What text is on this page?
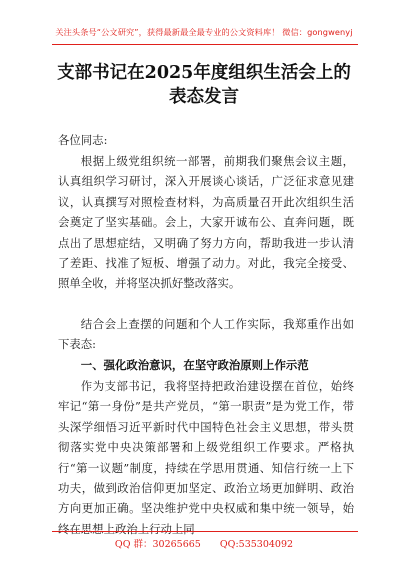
关注头条号“公文研究”，获得最新最全最专业的公文资料库！ 微信：gongwenyj
支部书记在2025年度组织生活会上的表态发言
各位同志:

根据上级党组织统一部署，前期我们聚焦会议主题，认真组织学习研讨，深入开展谈心谈话，广泛征求意见建议，认真撰写对照检查材料，为高质量召开此次组织生活会奠定了坚实基础。会上，大家开诚布公、直奔问题，既点出了思想症结，又明确了努力方向，帮助我进一步认清了差距、找准了短板、增强了动力。对此，我完全接受、照单全收，并将坚决抓好整改落实。

结合会上查摆的问题和个人工作实际，我郑重作出如下表态:

一、强化政治意识，在坚守政治原则上作示范

作为支部书记，我将坚持把政治建设摆在首位，始终牢记“第一身份”是共产党员，“第一职责”是为党工作，带头深学细悟习近平新时代中国特色社会主义思想，带头贯彻落实党中央决策部署和上级党组织工作要求。严格执行“第一议题”制度，持续在学思用贯通、知信行统一上下功夫，做到政治信仰更加坚定、政治立场更加鲜明、政治方向更加正确。坚决维护党中央权威和集中统一领导，始终在思想上政治上行动上同

QQ 群：30265665 QQ:535304092
